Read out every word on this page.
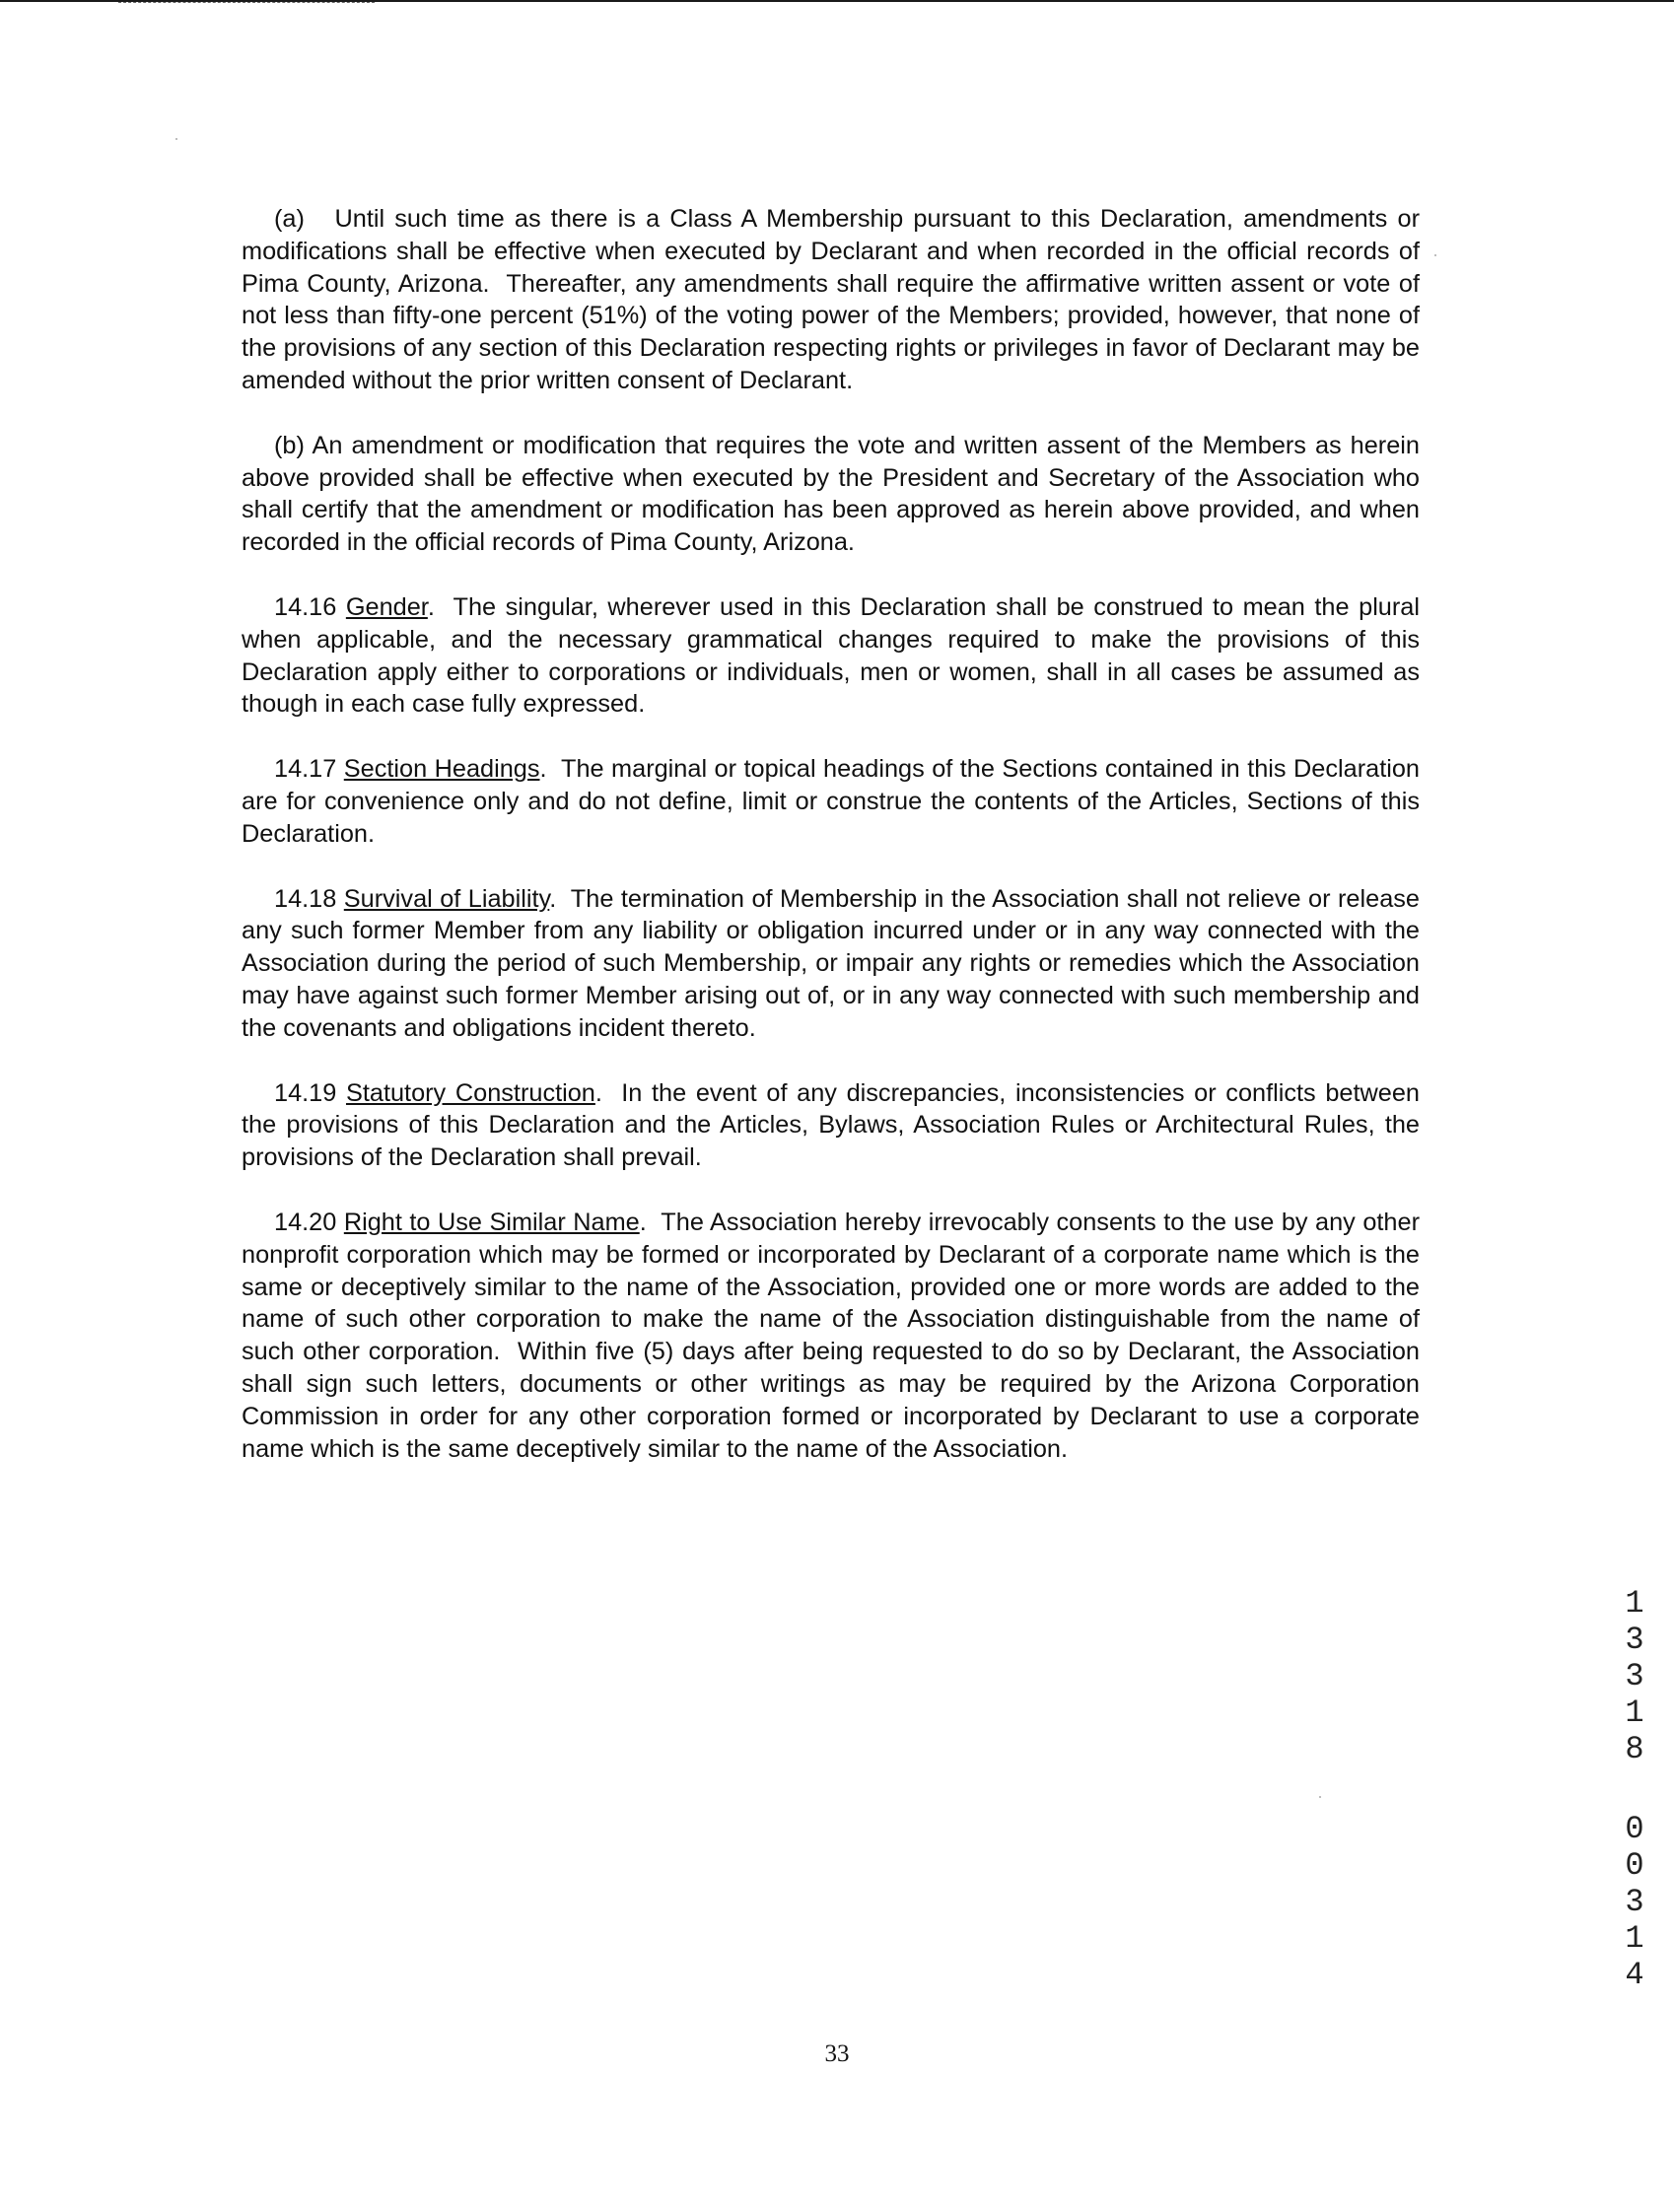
(a)   Until such time as there is a Class A Membership pursuant to this Declaration, amendments or modifications shall be effective when executed by Declarant and when recorded in the official records of Pima County, Arizona.  Thereafter, any amendments shall require the affirmative written assent or vote of not less than fifty-one percent (51%) of the voting power of the Members; provided, however, that none of the provisions of any section of this Declaration respecting rights or privileges in favor of Declarant may be amended without the prior written consent of Declarant.

(b) An amendment or modification that requires the vote and written assent of the Members as herein above provided shall be effective when executed by the President and Secretary of the Association who shall certify that the amendment or modification has been approved as herein above provided, and when recorded in the official records of Pima County, Arizona.

14.16 Gender.  The singular, wherever used in this Declaration shall be construed to mean the plural when applicable, and the necessary grammatical changes required to make the provisions of this Declaration apply either to corporations or individuals, men or women, shall in all cases be assumed as though in each case fully expressed.

14.17 Section Headings.  The marginal or topical headings of the Sections contained in this Declaration are for convenience only and do not define, limit or construe the contents of the Articles, Sections of this Declaration.

14.18 Survival of Liability.  The termination of Membership in the Association shall not relieve or release any such former Member from any liability or obligation incurred under or in any way connected with the Association during the period of such Membership, or impair any rights or remedies which the Association may have against such former Member arising out of, or in any way connected with such membership and the covenants and obligations incident thereto.

14.19 Statutory Construction.  In the event of any discrepancies, inconsistencies or conflicts between the provisions of this Declaration and the Articles, Bylaws, Association Rules or Architectural Rules, the provisions of the Declaration shall prevail.

14.20 Right to Use Similar Name.  The Association hereby irrevocably consents to the use by any other nonprofit corporation which may be formed or incorporated by Declarant of a corporate name which is the same or deceptively similar to the name of the Association, provided one or more words are added to the name of such other corporation to make the name of the Association distinguishable from the name of such other corporation.  Within five (5) days after being requested to do so by Declarant, the Association shall sign such letters, documents or other writings as may be required by the Arizona Corporation Commission in order for any other corporation formed or incorporated by Declarant to use a corporate name which is the same deceptively similar to the name of the Association.

1
3
3
1
8
0
0
3
1
4
33
